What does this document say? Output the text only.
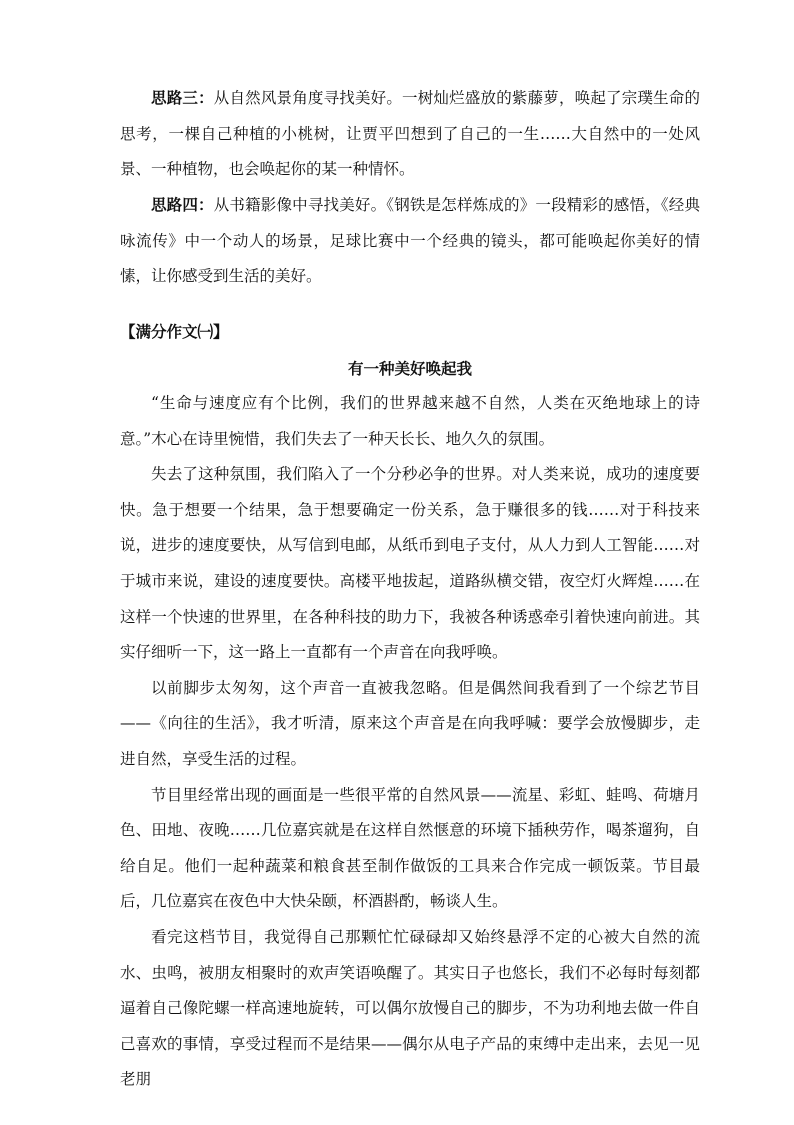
思路三：从自然风景角度寻找美好。一树灿烂盛放的紫藤萝，唤起了宗璞生命的思考，一棵自己种植的小桃树，让贾平凹想到了自己的一生……大自然中的一处风景、一种植物，也会唤起你的某一种情怀。

思路四：从书籍影像中寻找美好。《钢铁是怎样炼成的》一段精彩的感悟，《经典咏流传》中一个动人的场景，足球比赛中一个经典的镜头，都可能唤起你美好的情愫，让你感受到生活的美好。

【满分作文㈠】
有一种美好唤起我

“生命与速度应有个比例，我们的世界越来越不自然，人类在灭绝地球上的诗意。”木心在诗里惋惜，我们失去了一种天长长、地久久的氛围。

失去了这种氛围，我们陷入了一个分秒必争的世界。对人类来说，成功的速度要快。急于想要一个结果，急于想要确定一份关系，急于赚很多的钱……对于科技来说，进步的速度要快，从写信到电邮，从纸币到电子支付，从人力到人工智能……对于城市来说，建设的速度要快。高楼平地拔起，道路纵横交错，夜空灯火辉煌……在这样一个快速的世界里，在各种科技的助力下，我被各种诱惑牵引着快速向前进。其实仔细听一下，这一路上一直都有一个声音在向我呼唤。

以前脚步太匆匆，这个声音一直被我忽略。但是偶然间我看到了一个综艺节目——《向往的生活》，我才听清，原来这个声音是在向我呼喊：要学会放慢脚步，走进自然，享受生活的过程。

节目里经常出现的画面是一些很平常的自然风景——流星、彩虹、蛙鸣、荷塘月色、田地、夜晚……几位嘉宾就是在这样自然惬意的环境下插秧劳作，喝茶遛狗，自给自足。他们一起种蔬菜和粮食甚至制作做饭的工具来合作完成一顿饭菜。节目最后，几位嘉宾在夜色中大快朵颐，杯酒斟酌，畅谈人生。

看完这档节目，我觉得自己那颗忙忙碌碌却又始终悬浮不定的心被大自然的流水、虫鸣，被朋友相聚时的欢声笑语唤醒了。其实日子也悠长，我们不必每时每刻都逼着自己像陀螺一样高速地旋转，可以偶尔放慢自己的脚步，不为功利地去做一件自己喜欢的事情，享受过程而不是结果——偶尔从电子产品的束缚中走出来，去见一见老朋
